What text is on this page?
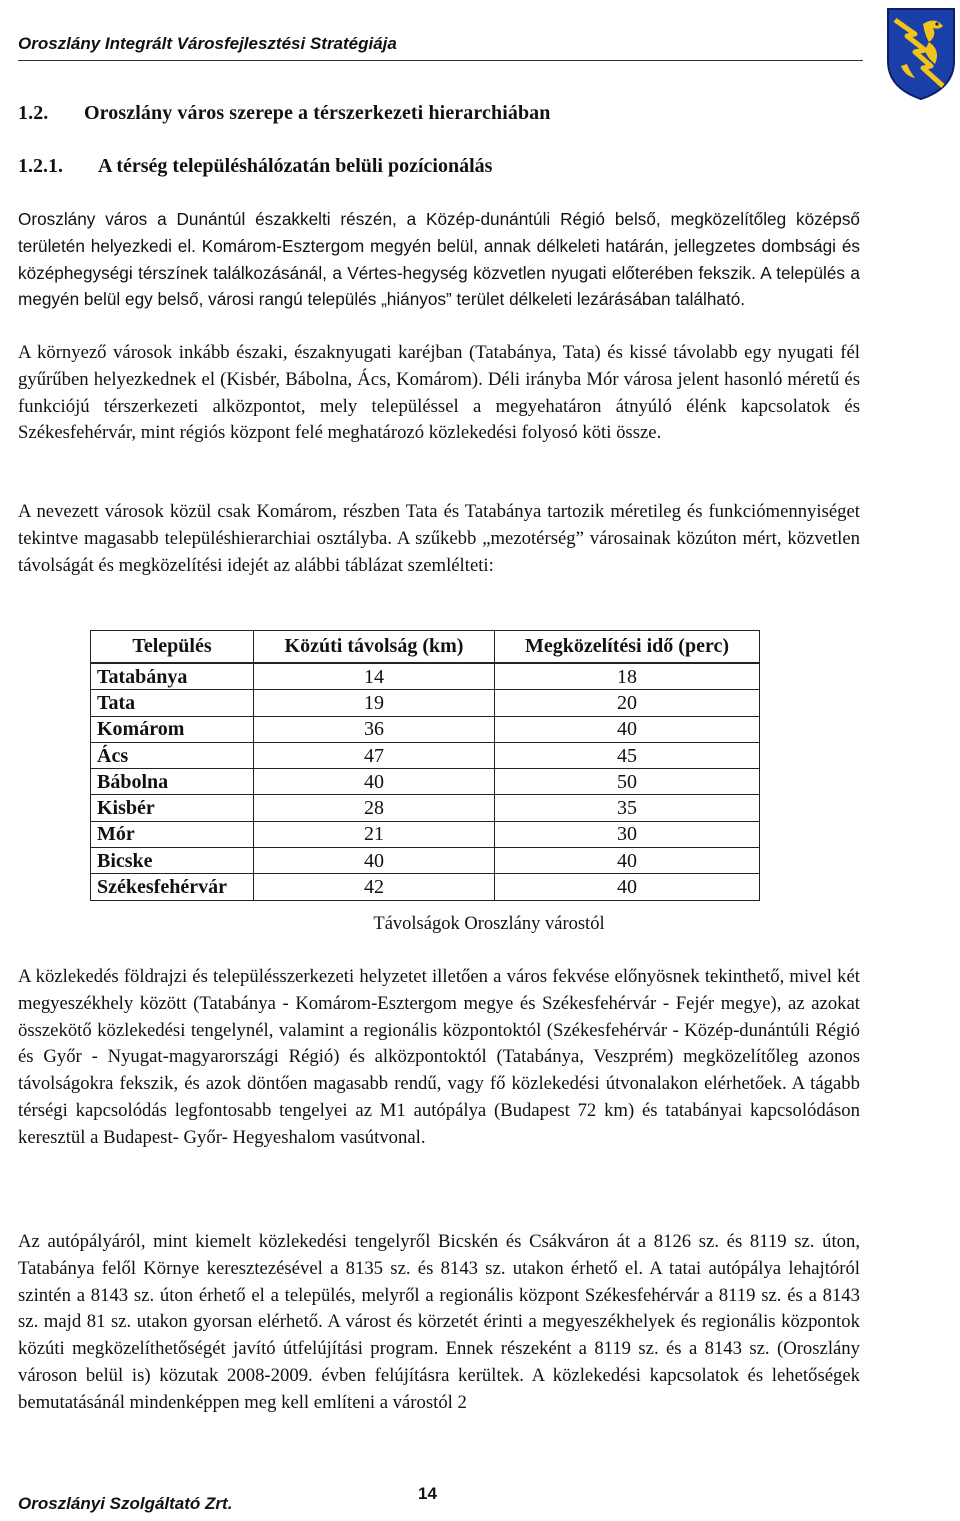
Oroszlány Integrált Városfejlesztési Stratégiája
1.2. Oroszlány város szerepe a térszerkezeti hierarchiában
1.2.1. A térség településhálózatán belüli pozícionálás
Oroszlány város a Dunántúl északkelti részén, a Közép-dunántúli Régió belső, megközelítőleg középső területén helyezkedi el. Komárom-Esztergom megyén belül, annak délkeleti határán, jellegzetes dombsági és középhegységi térszínek találkozásánál, a Vértes-hegység közvetlen nyugati előterében fekszik. A település a megyén belül egy belső, városi rangú település „hiányos” terület délkeleti lezárásában található.
A környező városok inkább északi, északnyugati karéjban (Tatabánya, Tata) és kissé távolabb egy nyugati fél gyűrűben helyezkednek el (Kisbér, Bábolna, Ács, Komárom). Déli irányba Mór városa jelent hasonló méretű és funkciójú térszerkezeti alközpontot, mely településsel a megyehatáron átnyúló élénk kapcsolatok és Székesfehérvár, mint régiós központ felé meghatározó közlekedési folyosó köti össze.
A nevezett városok közül csak Komárom, részben Tata és Tatabánya tartozik méretileg és funkciómennyiséget tekintve magasabb településhierarchiai osztályba. A szűkebb „mezotérség” városainak közúton mért, közvetlen távolságát és megközelítési idejét az alábbi táblázat szemlélteti:
Település	Közúti távolság (km)	Megközelítési idő (perc)
Tatabánya	14	18
Tata	19	20
Komárom	36	40
Ács	47	45
Bábolna	40	50
Kisbér	28	35
Mór	21	30
Bicske	40	40
Székesfehérvár	42	40
Távolságok Oroszlány várostól
A közlekedés földrajzi és településszerkezeti helyzetet illetően a város fekvése előnyösnek tekinthető, mivel két megyeszékhely között (Tatabánya - Komárom-Esztergom megye és Székesfehérvár - Fejér megye), az azokat összekötő közlekedési tengelynél, valamint a regionális központoktól (Székesfehérvár - Közép-dunántúli Régió és Győr - Nyugat-magyarországi Régió) és alközpontoktól (Tatabánya, Veszprém) megközelítőleg azonos távolságokra fekszik, és azok döntően magasabb rendű, vagy fő közlekedési útvonalakon elérhetőek. A tágabb térségi kapcsolódás legfontosabb tengelyei az M1 autópálya (Budapest 72 km) és tatabányai kapcsolódáson keresztül a Budapest- Győr- Hegyeshalom vasútvonal.
Az autópályáról, mint kiemelt közlekedési tengelyről Bicskén és Csákváron át a 8126 sz. és 8119 sz. úton, Tatabánya felől Környe keresztezésével a 8135 sz. és 8143 sz. utakon érhető el. A tatai autópálya lehajtóról szintén a 8143 sz. úton érhető el a település, melyről a regionális központ Székesfehérvár a 8119 sz. és a 8143 sz. majd 81 sz. utakon gyorsan elérhető. A várost és körzetét érinti a megyeszékhelyek és regionális központok közúti megközelíthetőségét javító útfelújítási program. Ennek részeként a 8119 sz. és a 8143 sz. (Oroszlány városon belül is) közutak 2008-2009. évben felújításra kerültek. A közlekedési kapcsolatok és lehetőségek bemutatásánál mindenképpen meg kell említeni a várostól 2
14
Oroszlányi Szolgáltató Zrt.
